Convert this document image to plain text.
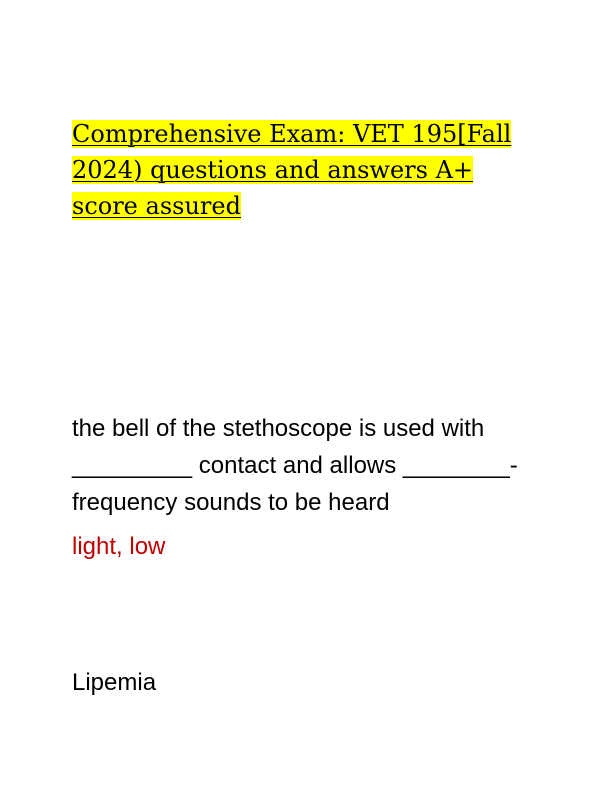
Comprehensive Exam: VET 195[Fall 2024) questions and answers A+ score assured

the bell of the stethoscope is used with _________ contact and allows ________-frequency sounds to be heard

light, low

Lipemia
